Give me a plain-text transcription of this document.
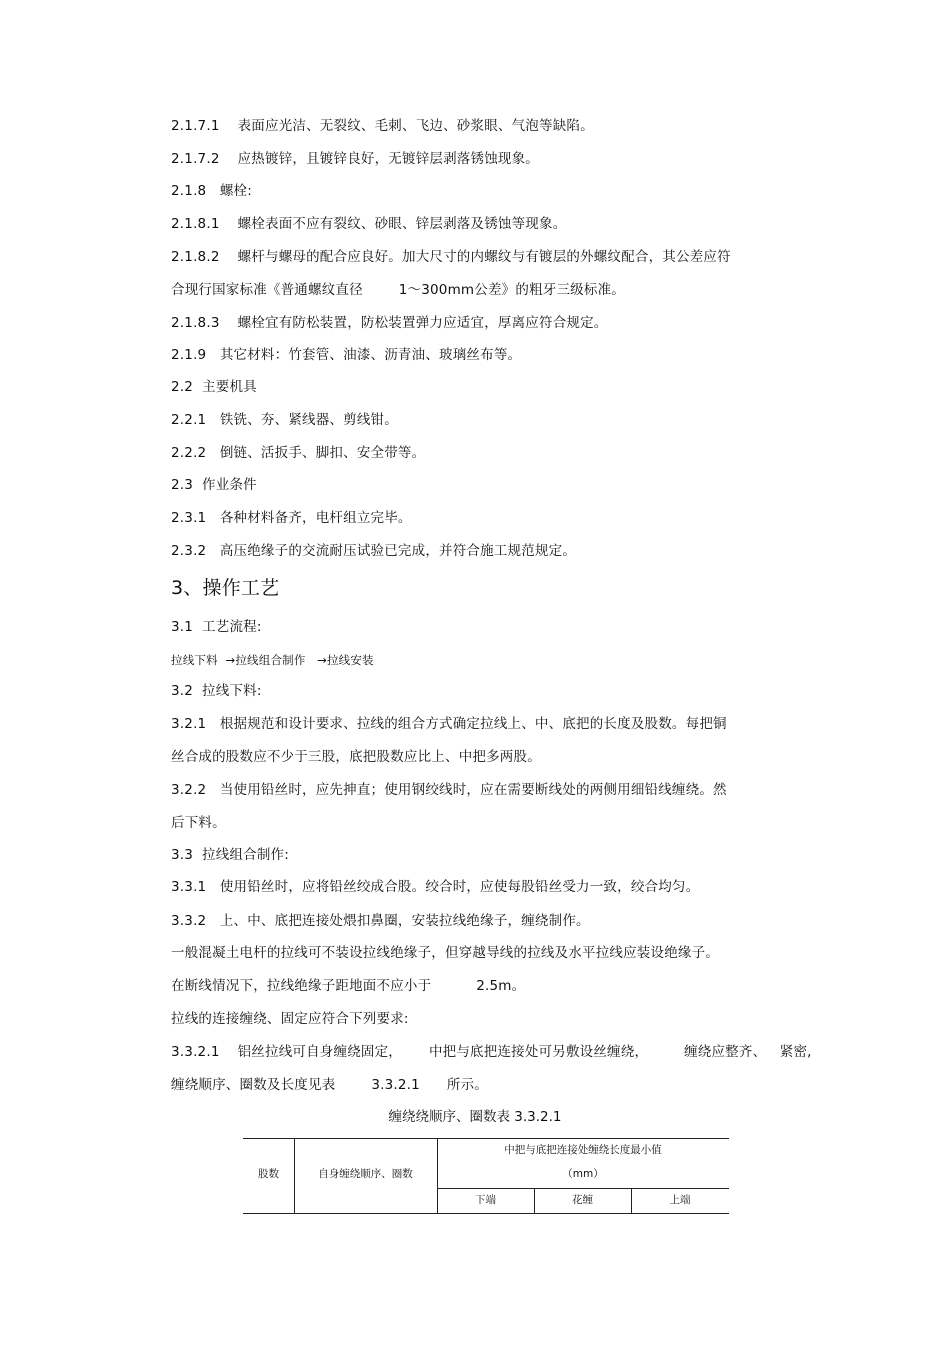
2.1.7.1    表面应光洁、无裂纹、毛刺、飞边、砂浆眼、气泡等缺陷。
2.1.7.2    应热镀锌，且镀锌良好，无镀锌层剥落锈蚀现象。
2.1.8   螺栓:
2.1.8.1    螺栓表面不应有裂纹、砂眼、锌层剥落及锈蚀等现象。
2.1.8.2    螺杆与螺母的配合应良好。加大尺寸的内螺纹与有镀层的外螺纹配合，其公差应符
合现行国家标准《普通螺纹直径        1～300mm公差》的粗牙三级标准。
2.1.8.3    螺栓宜有防松装置，防松装置弹力应适宜，厚离应符合规定。
2.1.9   其它材料：竹套管、油漆、沥青油、玻璃丝布等。
2.2  主要机具
2.2.1   铁铣、夯、紧线器、剪线钳。
2.2.2   倒链、活扳手、脚扣、安全带等。
2.3  作业条件
2.3.1   各种材料备齐，电杆组立完毕。
2.3.2   高压绝缘子的交流耐压试验已完成，并符合施工规范规定。
3、操作工艺
3.1  工艺流程:
拉线下料  →拉线组合制作   →拉线安装
3.2  拉线下料:
3.2.1   根据规范和设计要求、拉线的组合方式确定拉线上、中、底把的长度及股数。每把铜
丝合成的股数应不少于三股，底把股数应比上、中把多两股。
3.2.2   当使用铅丝时，应先抻直；使用钢绞线时，应在需要断线处的两侧用细铅线缠绕。然
后下料。
3.3  拉线组合制作:
3.3.1   使用铅丝时，应将铅丝绞成合股。绞合时，应使每股铅丝受力一致，绞合均匀。
3.3.2   上、中、底把连接处煨扣鼻圈，安装拉线绝缘子，缠绕制作。
一般混凝土电杆的拉线可不装设拉线绝缘子，但穿越导线的拉线及水平拉线应装设绝缘子。
在断线情况下，拉线绝缘子距地面不应小于          2.5m。
拉线的连接缠绕、固定应符合下列要求:
3.3.2.1    铝丝拉线可自身缠绕固定，      中把与底把连接处可另敷设丝缠绕，        缠绕应整齐、   紧密,
缠绕顺序、圈数及长度见表        3.3.2.1      所示。
缠绕绕顺序、圈数表 3.3.2.1
股数	自身缠绕顺序、圈数
中把与底把连接处缠绕长度最小值
（mm）
下端	花缠	上端
